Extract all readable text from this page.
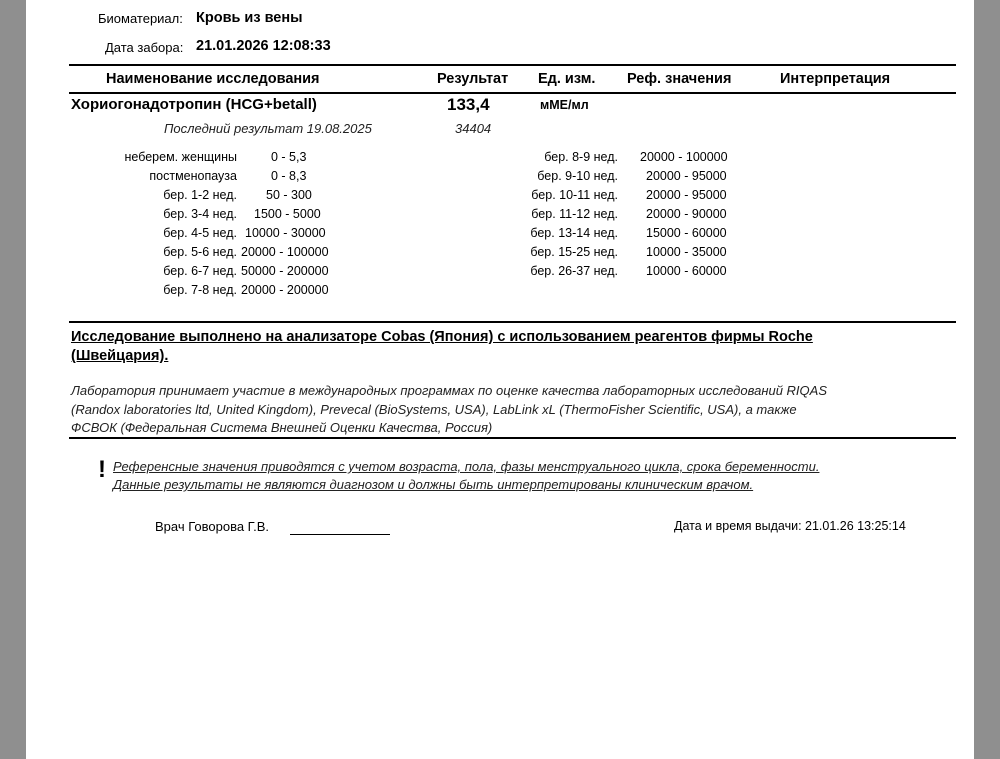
Биоматериал: Кровь из вены
Дата забора: 21.01.2026 12:08:33
Наименование исследования	Результат Ед. изм. Реф. значения	Интерпретация
Хориогонадотропин (HCG+betall)	133,4	мМЕ/мл
Последний результат 19.08.2025	34404
неберем. женщины	0 - 5,3
постменопауза	0 - 8,3
бер. 1-2 нед. 50 - 300
бер. 3-4 нед. 1500 - 5000
бер. 4-5 нед. 10000 - 30000
бер. 5-6 нед. 20000 - 100000
бер. 6-7 нед. 50000 - 200000
бер. 7-8 нед. 20000 - 200000
бер. 8-9 нед. 20000 - 100000
бер. 9-10 нед. 20000 - 95000
бер. 10-11 нед. 20000 - 95000
бер. 11-12 нед. 20000 - 90000
бер. 13-14 нед. 15000 - 60000
бер. 15-25 нед. 10000 - 35000
бер. 26-37 нед. 10000 - 60000
Исследование выполнено на анализаторе Cobas (Япония) с использованием реагентов фирмы Roche
(Швейцария).
Лаборатория принимает участие в международных программах по оценке качества лабораторных исследований RIQAS
(Randox laboratories ltd, United Kingdom), Prevecal (BioSystems, USA), LabLink xL (ThermoFisher Scientific, USA), а также
ФСВОК (Федеральная Система Внешней Оценки Качества, Россия)
! Референсные значения приводятся с учетом возраста, пола, фазы менструального цикла, срока беременности.
Данные результаты не являются диагнозом и должны быть интерпретированы клиническим врачом.
Врач Говорова Г.В.	Дата и время выдачи: 21.01.26 13:25:14
